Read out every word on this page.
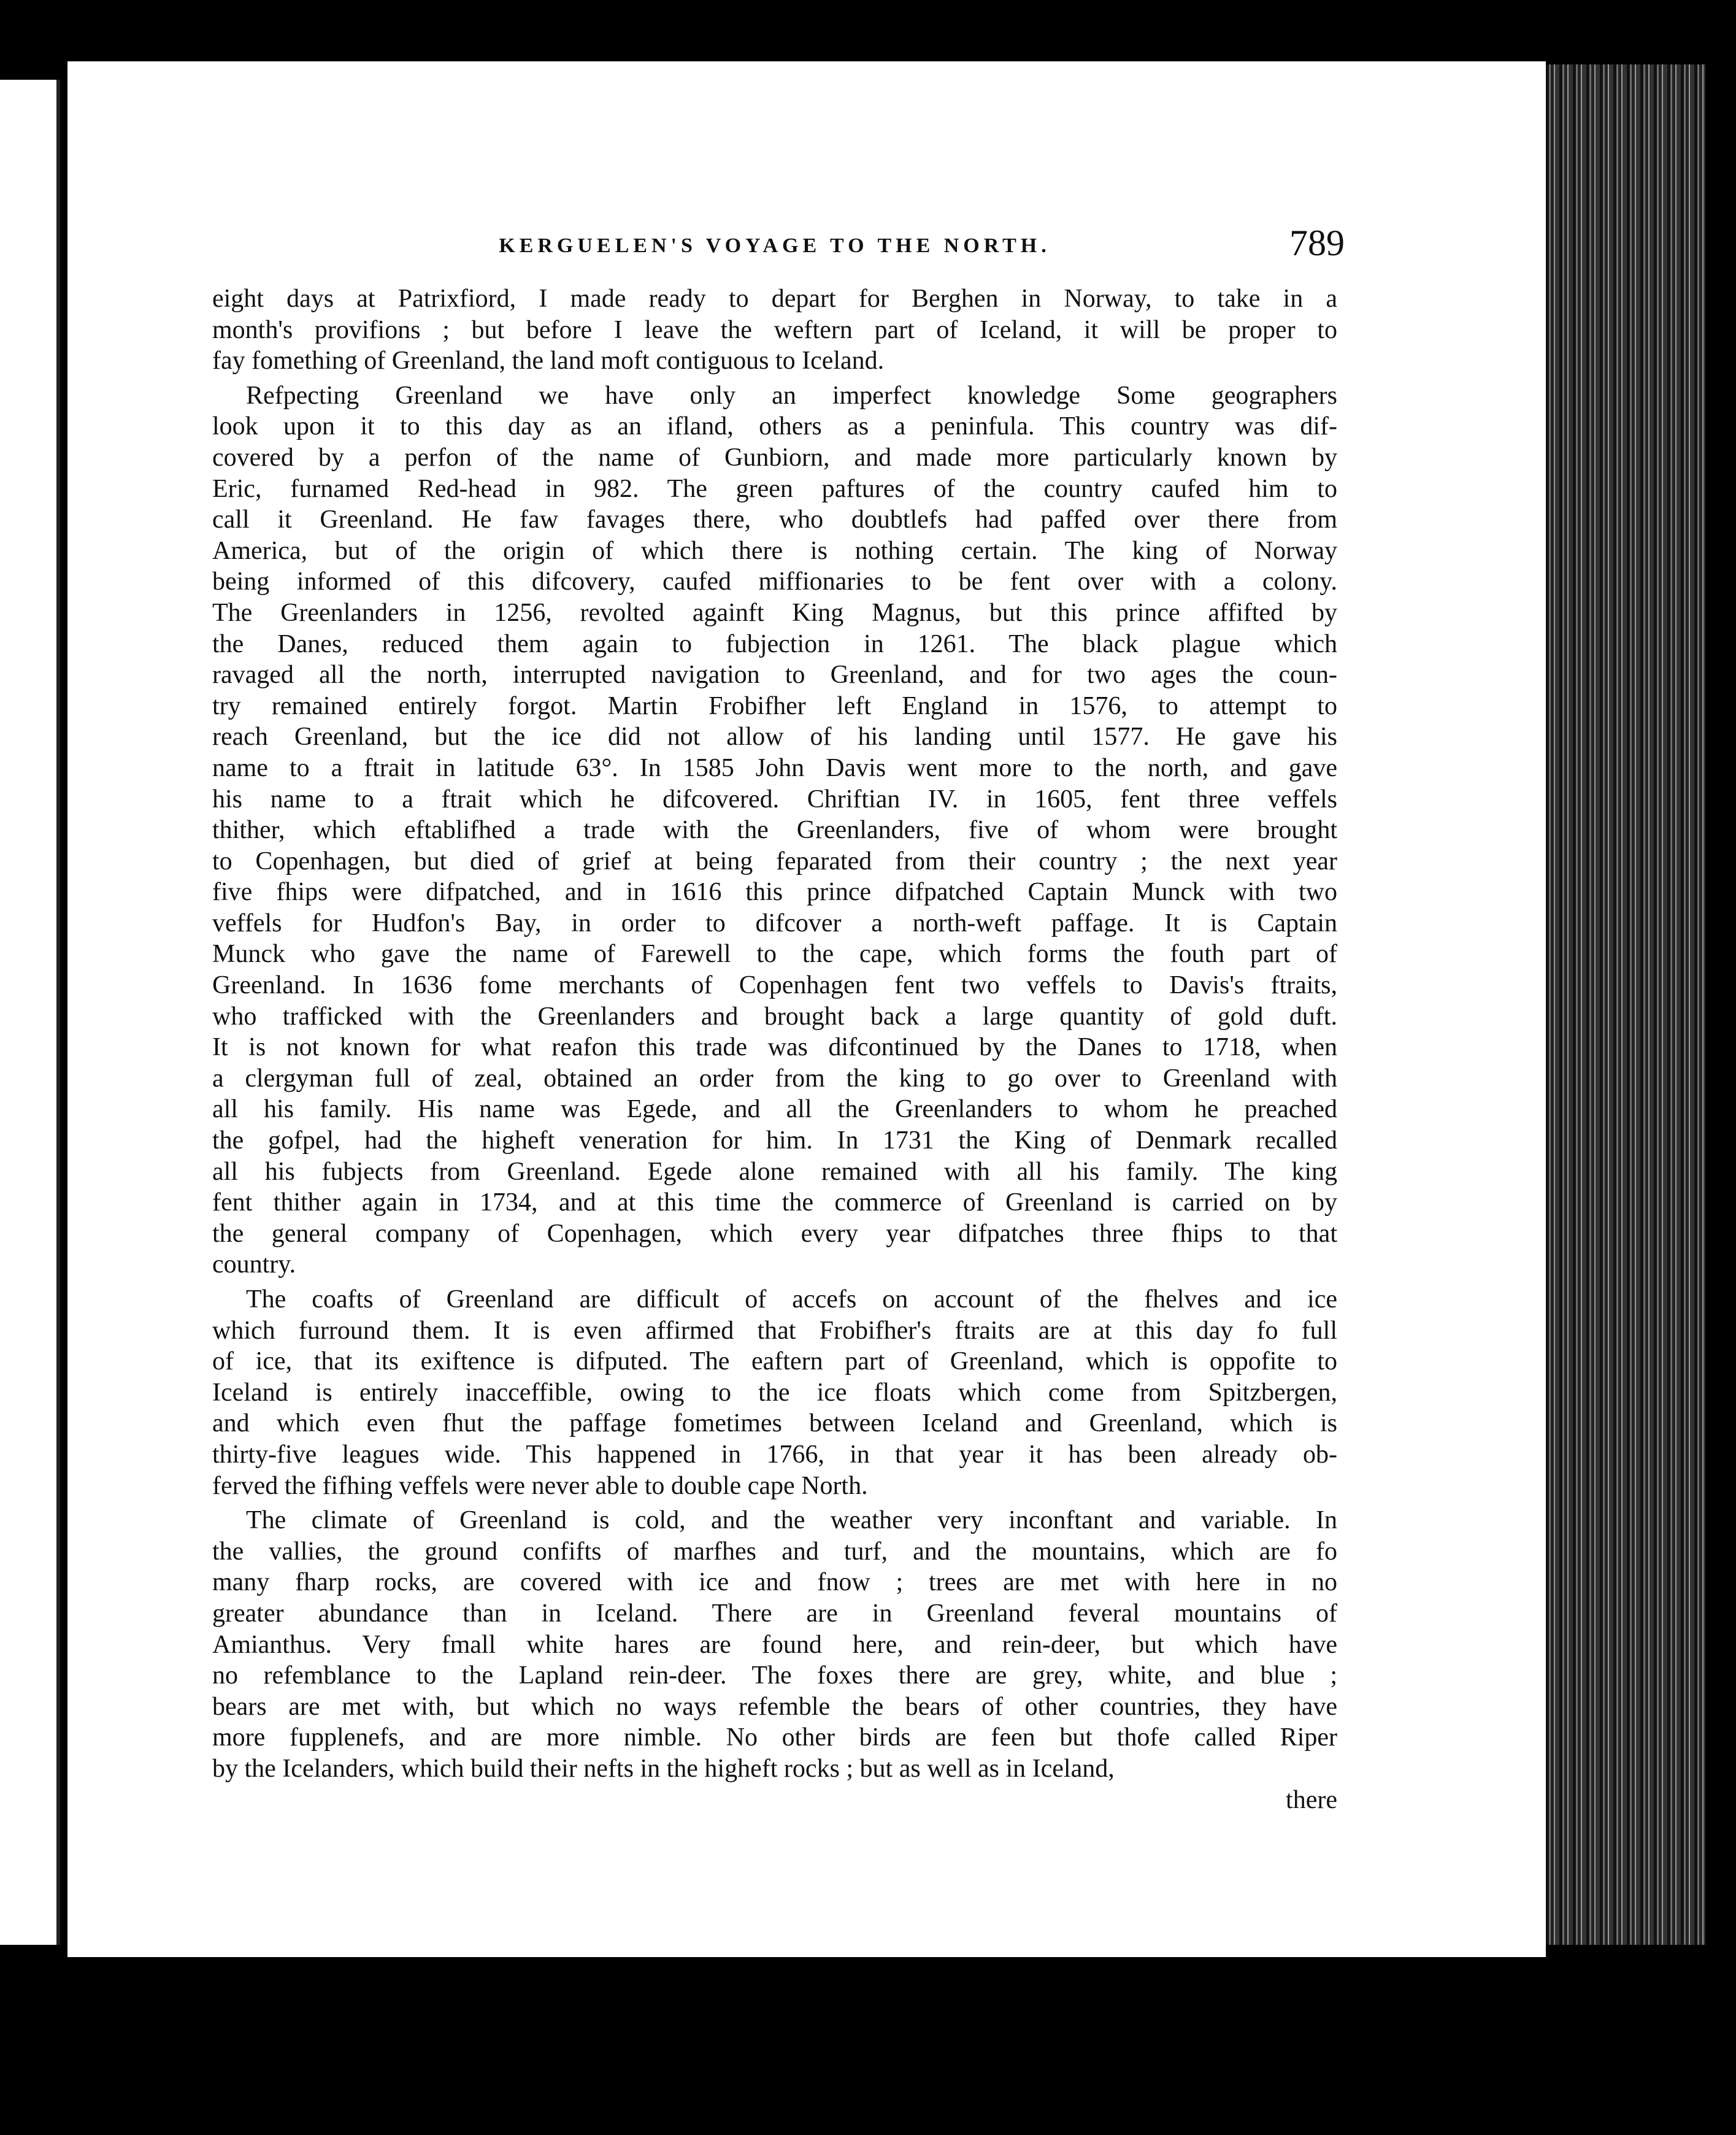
KERGUELEN'S VOYAGE TO THE NORTH.	789
eight days at Patrixfiord, I made ready to depart for Berghen in Norway, to take in a
month's provifions ; but before I leave the weftern part of Iceland, it will be proper to
fay fomething of Greenland, the land moft contiguous to Iceland.
Refpecting Greenland we have only an imperfect knowledge Some geographers
look upon it to this day as an ifland, others as a peninfula. This country was dif-
covered by a perfon of the name of Gunbiorn, and made more particularly known by
Eric, furnamed Red-head in 982. The green paftures of the country caufed him to
call it Greenland. He faw favages there, who doubtlefs had paffed over there from
America, but of the origin of which there is nothing certain. The king of Norway
being informed of this difcovery, caufed miffionaries to be fent over with a colony.
The Greenlanders in 1256, revolted againft King Magnus, but this prince affifted by
the Danes, reduced them again to fubjection in 1261. The black plague which
ravaged all the north, interrupted navigation to Greenland, and for two ages the coun-
try remained entirely forgot. Martin Frobifher left England in 1576, to attempt to
reach Greenland, but the ice did not allow of his landing until 1577. He gave his
name to a ftrait in latitude 63°. In 1585 John Davis went more to the north, and gave
his name to a ftrait which he difcovered. Chriftian IV. in 1605, fent three veffels
thither, which eftablifhed a trade with the Greenlanders, five of whom were brought
to Copenhagen, but died of grief at being feparated from their country ; the next year
five fhips were difpatched, and in 1616 this prince difpatched Captain Munck with two
veffels for Hudfon's Bay, in order to difcover a north-weft paffage. It is Captain
Munck who gave the name of Farewell to the cape, which forms the fouth part of
Greenland. In 1636 fome merchants of Copenhagen fent two veffels to Davis's ftraits,
who trafficked with the Greenlanders and brought back a large quantity of gold duft.
It is not known for what reafon this trade was difcontinued by the Danes to 1718, when
a clergyman full of zeal, obtained an order from the king to go over to Greenland with
all his family. His name was Egede, and all the Greenlanders to whom he preached
the gofpel, had the higheft veneration for him. In 1731 the King of Denmark recalled
all his fubjects from Greenland. Egede alone remained with all his family. The king
fent thither again in 1734, and at this time the commerce of Greenland is carried on by
the general company of Copenhagen, which every year difpatches three fhips to that
country.
The coafts of Greenland are difficult of accefs on account of the fhelves and ice
which furround them. It is even affirmed that Frobifher's ftraits are at this day fo full
of ice, that its exiftence is difputed. The eaftern part of Greenland, which is oppofite to
Iceland is entirely inacceffible, owing to the ice floats which come from Spitzbergen,
and which even fhut the paffage fometimes between Iceland and Greenland, which is
thirty-five leagues wide. This happened in 1766, in that year it has been already ob-
ferved the fifhing veffels were never able to double cape North.
The climate of Greenland is cold, and the weather very inconftant and variable. In
the vallies, the ground confifts of marfhes and turf, and the mountains, which are fo
many fharp rocks, are covered with ice and fnow ; trees are met with here in no
greater abundance than in Iceland. There are in Greenland feveral mountains of
Amianthus. Very fmall white hares are found here, and rein-deer, but which have
no refemblance to the Lapland rein-deer. The foxes there are grey, white, and blue ;
bears are met with, but which no ways refemble the bears of other countries, they have
more fupplenefs, and are more nimble. No other birds are feen but thofe called Riper
by the Icelanders, which build their nefts in the higheft rocks ; but as well as in Iceland,
there
